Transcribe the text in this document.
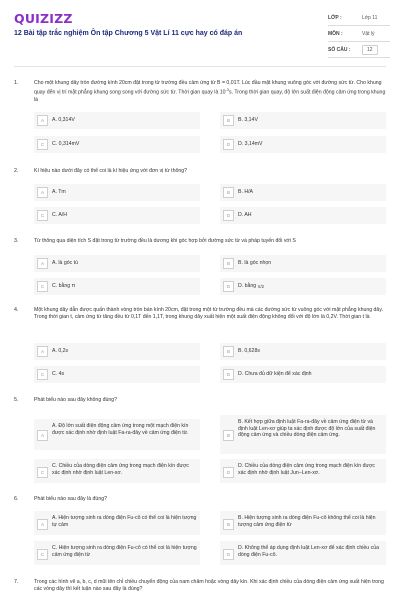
QUIZIZZ
12 Bài tập trắc nghiệm Ôn tập Chương 5 Vật Lí 11 cực hay có đáp án
LỚP :	Lớp 11
MÔN :	Vật lý
SỐ CÂU :	12
1.	Cho một khung dây tròn đường kính 20cm đặt trong từ trường đều cảm ứng từ B = 0,01T. Lúc đầu mặt khung vuông góc với đường sức từ. Cho khung quay đến vị trí mặt phẳng khung song song với đường sức từ. Thời gian quay là $10^{-3}s$. Trong thời gian quay, độ lớn suất điện động cảm ứng trong khung là
A	A. 0,314V	B	B. 3,14V
C	C. 0,314mV	D	D. 3,14mV
2.	Kí hiệu nào dưới đây có thể coi là kí hiệu ứng với đơn vị từ thông?
A	A. Tm	B	B. H/A
C	C. A/H	D	D. AH
3.	Từ thông qua diện tích S đặt trong từ trường đều là dương khi góc hợp bởi đường sức từ và pháp tuyến đối với S
A	A. là góc tù	B	B. là góc nhọn
C	C. bằng π	D	D. bằng π/2
4.	Một khung dây dẫn được quấn thành vòng tròn bán kính 20cm, đặt trong một từ trường đều mà các đường sức từ vuông góc với mặt phẳng khung dây. Trong thời gian t, cảm ứng từ tăng đều từ 0,1T đến 1,1T, trong khung dây xuất hiện một suất điện động không đổi với độ lớn là 0,2V. Thời gian t là
A	A. 0,2s	B	B. 0,628s
C	C. 4s	D	D. Chưa đủ dữ kiện để xác định
5.	Phát biểu nào sau đây không đúng?
A
A. Độ lớn suất điện động cảm ứng trong một mạch điện kín được xác định nhờ định luật Fa-ra-đây về cảm ứng điện từ.	B
B. Kết hợp giữa định luật Fa-ra-đây về cảm ứng điện từ và định luật Len-xơ giúp ta xác định được độ lớn của suất điện động cảm ứng và chiều dòng điện cảm ứng.
C
C. Chiều của dòng điện cảm ứng trong mạch điện kín được xác định nhờ định luật Len-xơ.	D
D. Chiều của dòng điện cảm ứng trong mạch điện kín được xác định nhờ định luật Jun−Len-xơ.
6.	Phát biểu nào sau đây là đúng?
A
A. Hiện tượng sinh ra dòng điện Fu-cô có thể coi là hiện tượng tự cảm	B
B. Hiện tượng sinh ra dòng điện Fu-cô không thể coi là hiện tượng cảm ứng điện từ
C
C. Hiện tượng sinh ra dòng điện Fu-cô có thể coi là hiện tượng cảm ứng điện từ	D
D. Không thể áp dụng định luật Len-xơ để xác định chiều của dòng điện Fu-cô.
7.	Trong các hình vẽ a, b, c, d mũi tên chỉ chiều chuyển động của nam châm hoặc vòng dây kín. Khi xác định chiều của dòng điện cảm ứng xuất hiện trong các vòng dây thì kết luận nào sau đây là đúng?
